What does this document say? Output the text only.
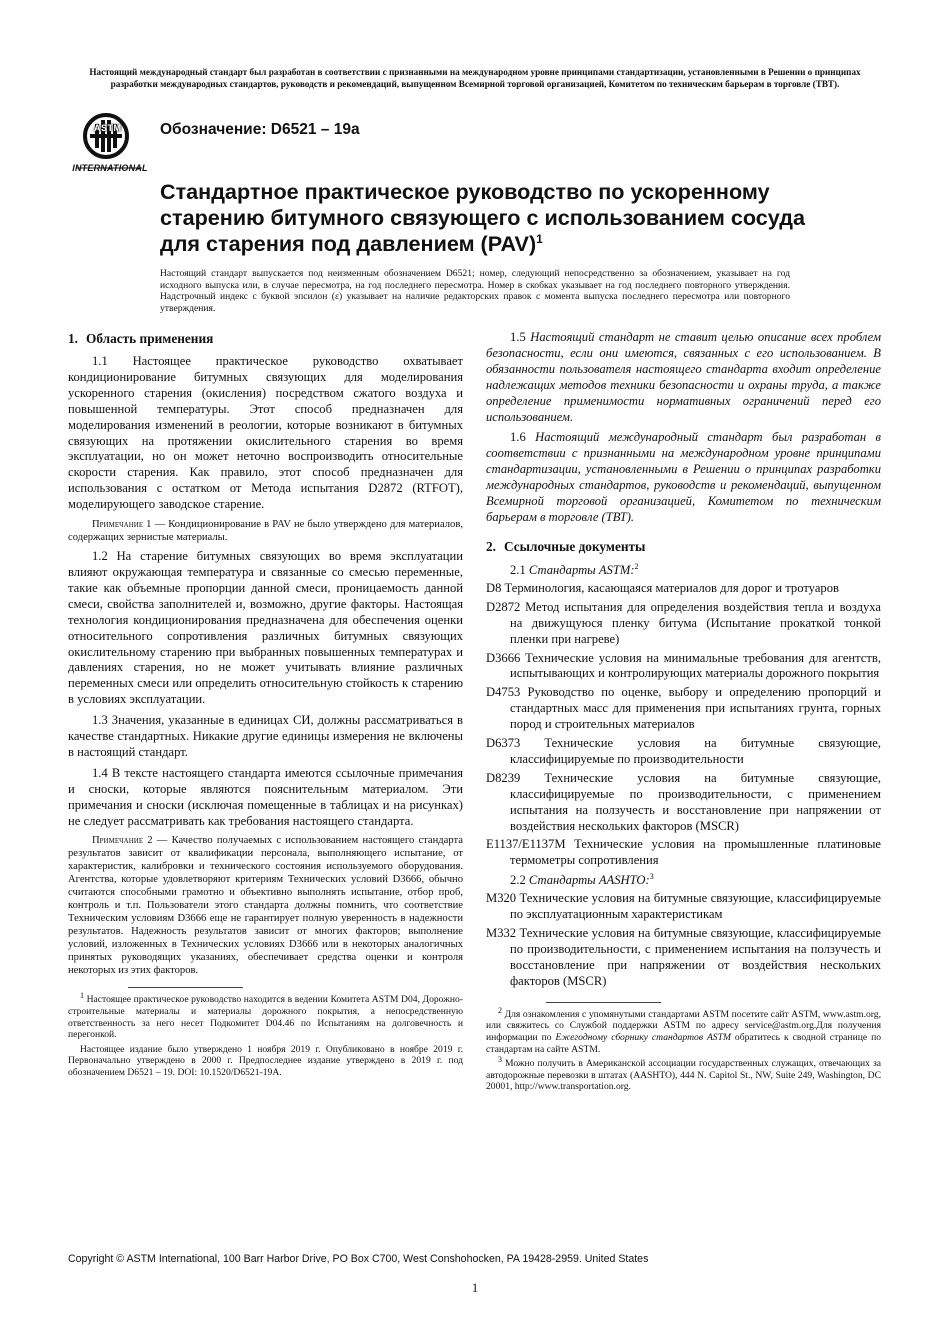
Настоящий международный стандарт был разработан в соответствии с признанными на международном уровне принципами стандартизации, установленными в Решении о принципах разработки международных стандартов, руководств и рекомендаций, выпущенном Всемирной торговой организацией, Комитетом по техническим барьерам в торговле (ТВТ).
ASTM
INTERNATIONAL
Обозначение: D6521 – 19a
Стандартное практическое руководство по ускоренному старению битумного связующего с использованием сосуда для старения под давлением (PAV)$^1$

Настоящий стандарт выпускается под неизменным обозначением D6521; номер, следующий непосредственно за обозначением, указывает на год исходного выпуска или, в случае пересмотра, на год последнего пересмотра. Номер в скобках указывает на год последнего повторного утверждения. Надстрочный индекс с буквой эпсилон (ε) указывает на наличие редакторских правок с момента выпуска последнего пересмотра или повторного утверждения.

1. Область применения

1.1 Настоящее практическое руководство охватывает кондиционирование битумных связующих для моделирования ускоренного старения (окисления) посредством сжатого воздуха и повышенной температуры. Этот способ предназначен для моделирования изменений в реологии, которые возникают в битумных связующих на протяжении окислительного старения во время эксплуатации, но он может неточно воспроизводить относительные скорости старения. Как правило, этот способ предназначен для использования с остатком от Метода испытания D2872 (RTFOT), моделирующего заводское старение.

Примечание 1 — Кондиционирование в PAV не было утверждено для материалов, содержащих зернистые материалы.

1.2 На старение битумных связующих во время эксплуатации влияют окружающая температура и связанные со смесью переменные, такие как объемные пропорции данной смеси, проницаемость данной смеси, свойства заполнителей и, возможно, другие факторы. Настоящая технология кондиционирования предназначена для обеспечения оценки относительного сопротивления различных битумных связующих окислительному старению при выбранных повышенных температурах и давлениях старения, но не может учитывать влияние различных переменных смеси или определить относительную стойкость к старению в условиях эксплуатации.

1.3 Значения, указанные в единицах СИ, должны рассматриваться в качестве стандартных. Никакие другие единицы измерения не включены в настоящий стандарт.

1.4 В тексте настоящего стандарта имеются ссылочные примечания и сноски, которые являются пояснительным материалом. Эти примечания и сноски (исключая помещенные в таблицах и на рисунках) не следует рассматривать как требования настоящего стандарта.

Примечание 2 — Качество получаемых с использованием настоящего стандарта результатов зависит от квалификации персонала, выполняющего испытание, от характеристик, калибровки и технического состояния используемого оборудования. Агентства, которые удовлетворяют критериям Технических условий D3666, обычно считаются способными грамотно и объективно выполнять испытание, отбор проб, контроль и т.п. Пользователи этого стандарта должны помнить, что соответствие Техническим условиям D3666 еще не гарантирует полную уверенность в надежности результатов. Надежность результатов зависит от многих факторов; выполнение условий, изложенных в Технических условиях D3666 или в некоторых аналогичных принятых руководящих указаниях, обеспечивает средства оценки и контроля некоторых из этих факторов.

$^1$ Настоящее практическое руководство находится в ведении Комитета ASTM D04, Дорожно-строительные материалы и материалы дорожного покрытия, а непосредственную ответственность за него несет Подкомитет D04.46 по Испытаниям на долговечность и перегонкой.

Настоящее издание было утверждено 1 ноября 2019 г. Опубликовано в ноябре 2019 г. Первоначально утверждено в 2000 г. Предпоследнее издание утверждено в 2019 г. под обозначением D6521 – 19. DOI: 10.1520/D6521-19A.

1.5 Настоящий стандарт не ставит целью описание всех проблем безопасности, если они имеются, связанных с его использованием. В обязанности пользователя настоящего стандарта входит определение надлежащих методов техники безопасности и охраны труда, а также определение применимости нормативных ограничений перед его использованием.

1.6 Настоящий международный стандарт был разработан в соответствии с признанными на международном уровне принципами стандартизации, установленными в Решении о принципах разработки международных стандартов, руководств и рекомендаций, выпущенном Всемирной торговой организацией, Комитетом по техническим барьерам в торговле (ТВТ).

2. Ссылочные документы
2.1 Стандарты ASTM:$^2$
D8 Терминология, касающаяся материалов для дорог и тротуаров
D2872 Метод испытания для определения воздействия тепла и воздуха на движущуюся пленку битума (Испытание прокаткой тонкой пленки при нагреве)
D3666 Технические условия на минимальные требования для агентств, испытывающих и контролирующих материалы дорожного покрытия
D4753 Руководство по оценке, выбору и определению пропорций и стандартных масс для применения при испытаниях грунта, горных пород и строительных материалов
D6373 Технические условия на битумные связующие, классифицируемые по производительности
D8239 Технические условия на битумные связующие, классифицируемые по производительности, с применением испытания на ползучесть и восстановление при напряжении от воздействия нескольких факторов (MSCR)
E1137/E1137M Технические условия на промышленные платиновые термометры сопротивления
2.2 Стандарты AASHTO:$^3$
M320 Технические условия на битумные связующие, классифицируемые по эксплуатационным характеристикам
M332 Технические условия на битумные связующие, классифицируемые по производительности, с применением испытания на ползучесть и восстановление при напряжении от воздействия нескольких факторов (MSCR)

$^2$ Для ознакомления с упомянутыми стандартами ASTM посетите сайт ASTM, www.astm.org, или свяжитесь со Службой поддержки ASTM по адресу service@astm.org.Для получения информации по Ежегодному сборнику стандартов ASTM обратитесь к сводной странице по стандартам на сайте ASTM.

$^3$ Можно получить в Американской ассоциации государственных служащих, отвечающих за автодорожные перевозки в штатах (AASHTO), 444 N. Capitol St., NW, Suite 249, Washington, DC 20001, http://www.transportation.org.

Copyright © ASTM International, 100 Barr Harbor Drive, PO Box C700, West Conshohocken, PA 19428-2959. United States
1
